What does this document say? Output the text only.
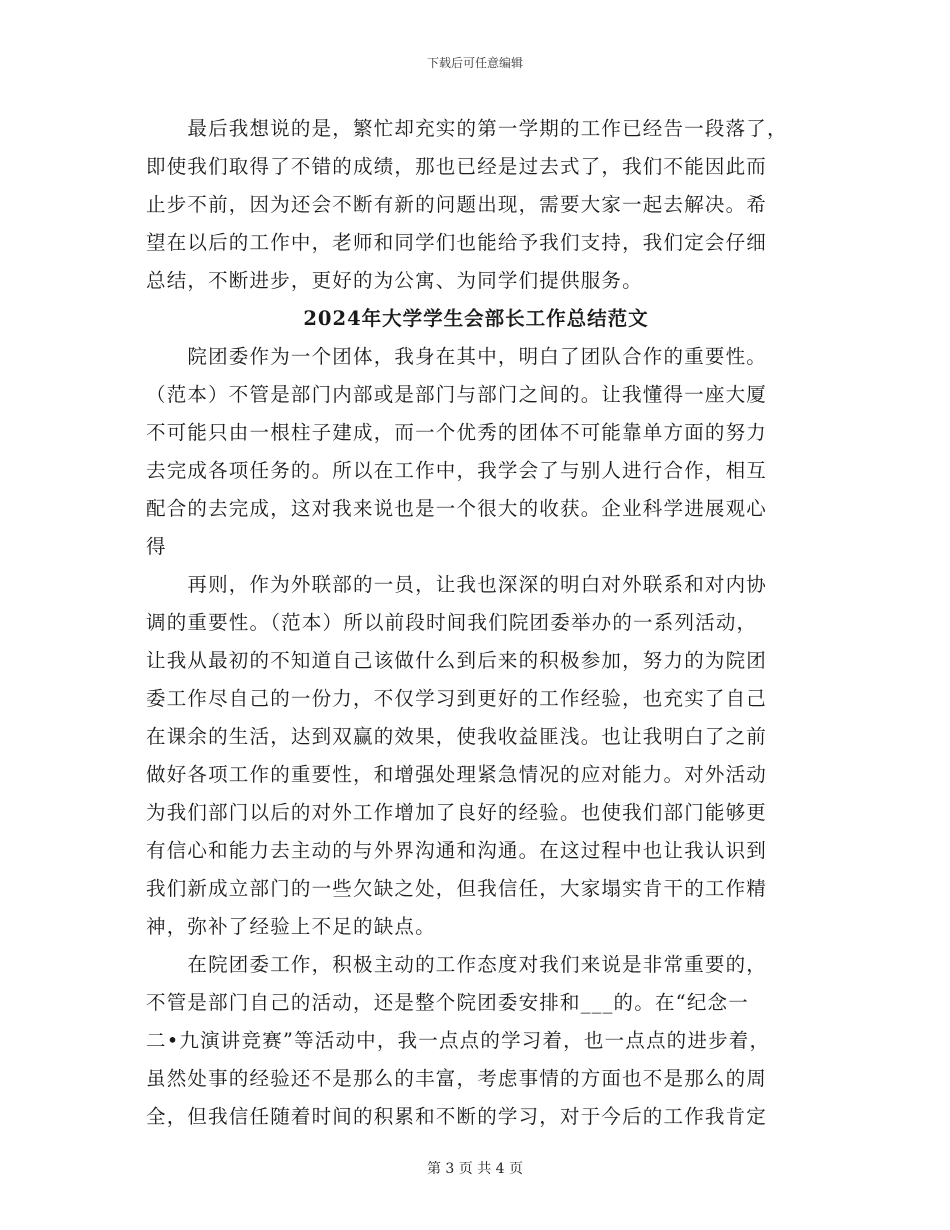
下载后可任意编辑
　　最后我想说的是，繁忙却充实的第一学期的工作已经告一段落了，
即使我们取得了不错的成绩，那也已经是过去式了，我们不能因此而
止步不前，因为还会不断有新的问题出现，需要大家一起去解决。希
望在以后的工作中，老师和同学们也能给予我们支持，我们定会仔细
总结，不断进步，更好的为公寓、为同学们提供服务。
2024年大学学生会部长工作总结范文
　　院团委作为一个团体，我身在其中，明白了团队合作的重要性。
（范本）不管是部门内部或是部门与部门之间的。让我懂得一座大厦
不可能只由一根柱子建成，而一个优秀的团体不可能靠单方面的努力
去完成各项任务的。所以在工作中，我学会了与别人进行合作，相互
配合的去完成，这对我来说也是一个很大的收获。企业科学进展观心
得
　　再则，作为外联部的一员，让我也深深的明白对外联系和对内协
调的重要性。（范本）所以前段时间我们院团委举办的一系列活动，
让我从最初的不知道自己该做什么到后来的积极参加，努力的为院团
委工作尽自己的一份力，不仅学习到更好的工作经验，也充实了自己
在课余的生活，达到双赢的效果，使我收益匪浅。也让我明白了之前
做好各项工作的重要性，和增强处理紧急情况的应对能力。对外活动
为我们部门以后的对外工作增加了良好的经验。也使我们部门能够更
有信心和能力去主动的与外界沟通和沟通。在这过程中也让我认识到
我们新成立部门的一些欠缺之处，但我信任，大家塌实肯干的工作精
神，弥补了经验上不足的缺点。
　　在院团委工作，积极主动的工作态度对我们来说是非常重要的，
不管是部门自己的活动，还是整个院团委安排和___的。在“纪念一
二•九演讲竞赛”等活动中，我一点点的学习着，也一点点的进步着，
虽然处事的经验还不是那么的丰富，考虑事情的方面也不是那么的周
全，但我信任随着时间的积累和不断的学习，对于今后的工作我肯定
第 3 页 共 4 页
